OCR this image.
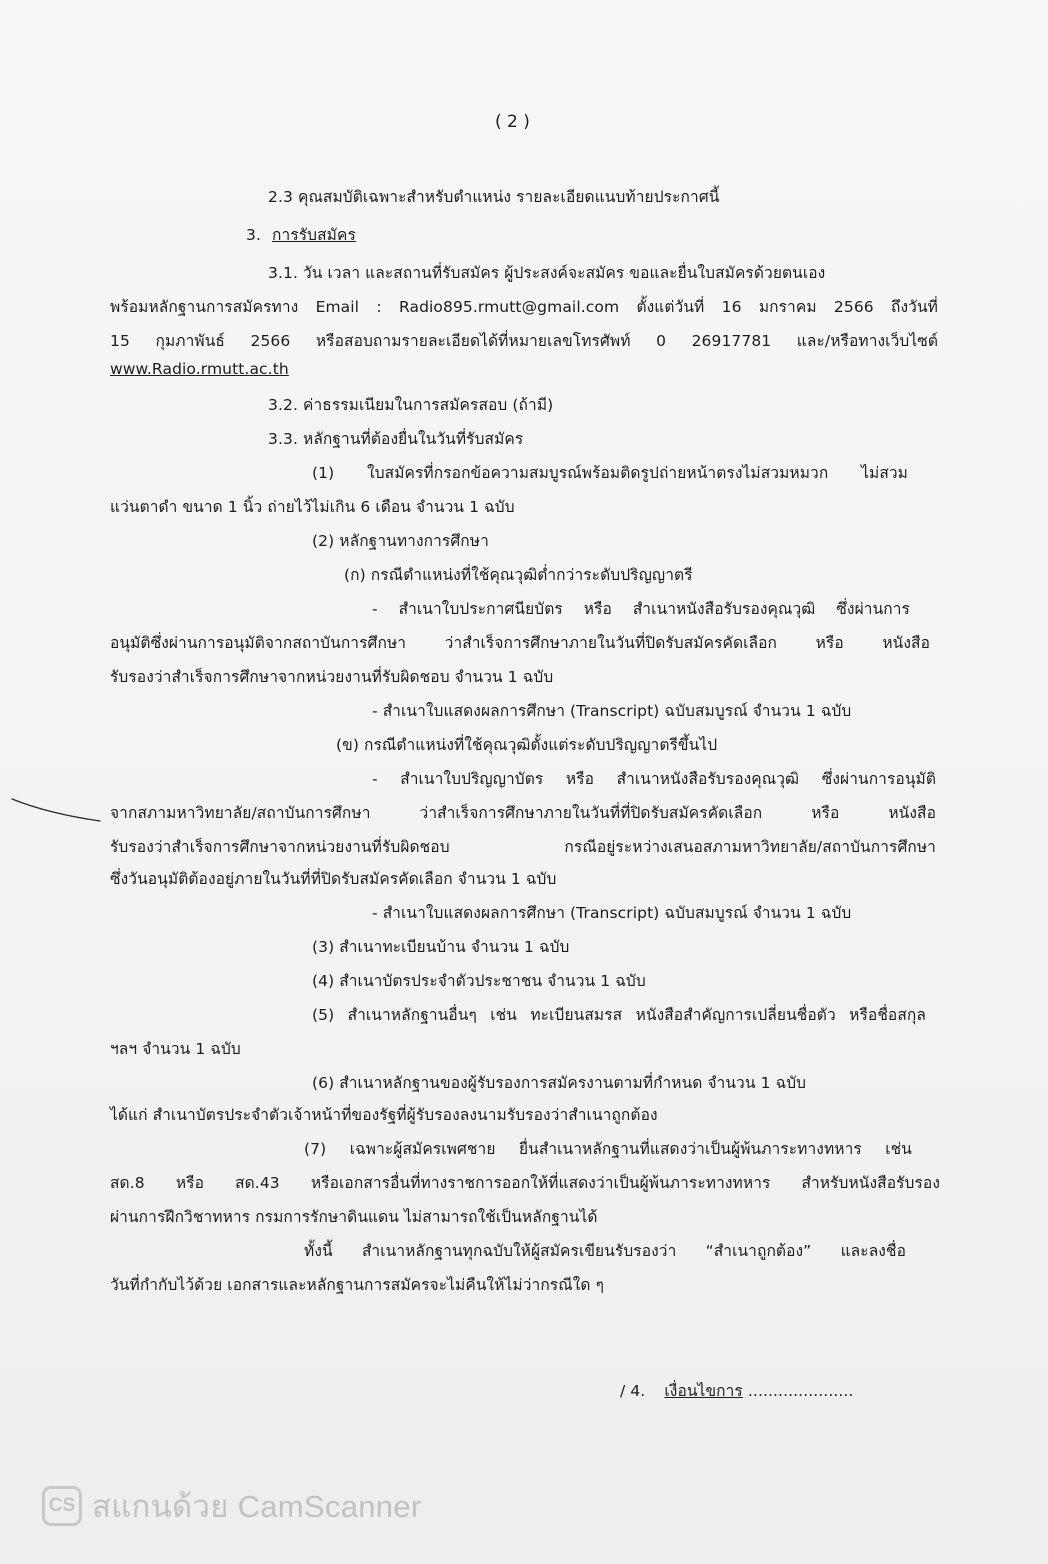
( 2 )
2.3 คุณสมบัติเฉพาะสำหรับตำแหน่ง รายละเอียดแนบท้ายประกาศนี้
3. การรับสมัคร
3.1. วัน เวลา และสถานที่รับสมัคร ผู้ประสงค์จะสมัคร ขอและยื่นใบสมัครด้วยตนเอง
พร้อมหลักฐานการสมัครทาง Email : Radio895.rmutt@gmail.com ตั้งแต่วันที่ 16 มกราคม 2566 ถึงวันที่
15 กุมภาพันธ์ 2566 หรือสอบถามรายละเอียดได้ที่หมายเลขโทรศัพท์ 0 26917781 และ/หรือทางเว็บไซต์
www.Radio.rmutt.ac.th
3.2. ค่าธรรมเนียมในการสมัครสอบ (ถ้ามี)
3.3. หลักฐานที่ต้องยื่นในวันที่รับสมัคร
(1) ใบสมัครที่กรอกข้อความสมบูรณ์พร้อมติดรูปถ่ายหน้าตรงไม่สวมหมวก ไม่สวม
แว่นตาดำ ขนาด 1 นิ้ว ถ่ายไว้ไม่เกิน 6 เดือน จำนวน 1 ฉบับ
(2) หลักฐานทางการศึกษา
(ก) กรณีตำแหน่งที่ใช้คุณวุฒิต่ำกว่าระดับปริญญาตรี
- สำเนาใบประกาศนียบัตร หรือ สำเนาหนังสือรับรองคุณวุฒิ ซึ่งผ่านการ
อนุมัติซึ่งผ่านการอนุมัติจากสถาบันการศึกษา ว่าสำเร็จการศึกษาภายในวันที่ปิดรับสมัครคัดเลือก หรือ หนังสือ
รับรองว่าสำเร็จการศึกษาจากหน่วยงานที่รับผิดชอบ จำนวน 1 ฉบับ
- สำเนาใบแสดงผลการศึกษา (Transcript) ฉบับสมบูรณ์ จำนวน 1 ฉบับ
(ข) กรณีตำแหน่งที่ใช้คุณวุฒิตั้งแต่ระดับปริญญาตรีขึ้นไป
- สำเนาใบปริญญาบัตร หรือ สำเนาหนังสือรับรองคุณวุฒิ ซึ่งผ่านการอนุมัติ
จากสภามหาวิทยาลัย/สถาบันการศึกษา ว่าสำเร็จการศึกษาภายในวันที่ที่ปิดรับสมัครคัดเลือก หรือ หนังสือ
รับรองว่าสำเร็จการศึกษาจากหน่วยงานที่รับผิดชอบ กรณีอยู่ระหว่างเสนอสภามหาวิทยาลัย/สถาบันการศึกษา
ซึ่งวันอนุมัติต้องอยู่ภายในวันที่ที่ปิดรับสมัครคัดเลือก จำนวน 1 ฉบับ
- สำเนาใบแสดงผลการศึกษา (Transcript) ฉบับสมบูรณ์ จำนวน 1 ฉบับ
(3) สำเนาทะเบียนบ้าน จำนวน 1 ฉบับ
(4) สำเนาบัตรประจำตัวประชาชน จำนวน 1 ฉบับ
(5) สำเนาหลักฐานอื่นๆ เช่น ทะเบียนสมรส หนังสือสำคัญการเปลี่ยนชื่อตัว หรือชื่อสกุล
ฯลฯ จำนวน 1 ฉบับ
(6) สำเนาหลักฐานของผู้รับรองการสมัครงานตามที่กำหนด จำนวน 1 ฉบับ
ได้แก่ สำเนาบัตรประจำตัวเจ้าหน้าที่ของรัฐที่ผู้รับรองลงนามรับรองว่าสำเนาถูกต้อง
(7) เฉพาะผู้สมัครเพศชาย ยื่นสำเนาหลักฐานที่แสดงว่าเป็นผู้พ้นภาระทางทหาร เช่น
สด.8 หรือ สด.43 หรือเอกสารอื่นที่ทางราชการออกให้ที่แสดงว่าเป็นผู้พ้นภาระทางทหาร สำหรับหนังสือรับรอง
ผ่านการฝึกวิชาทหาร กรมการรักษาดินแดน ไม่สามารถใช้เป็นหลักฐานได้
ทั้งนี้ สำเนาหลักฐานทุกฉบับให้ผู้สมัครเขียนรับรองว่า “สำเนาถูกต้อง” และลงชื่อ
วันที่กำกับไว้ด้วย เอกสารและหลักฐานการสมัครจะไม่คืนให้ไม่ว่ากรณีใด ๆ
/ 4. เงื่อนไขการ .....................
CS สแกนด้วย CamScanner
